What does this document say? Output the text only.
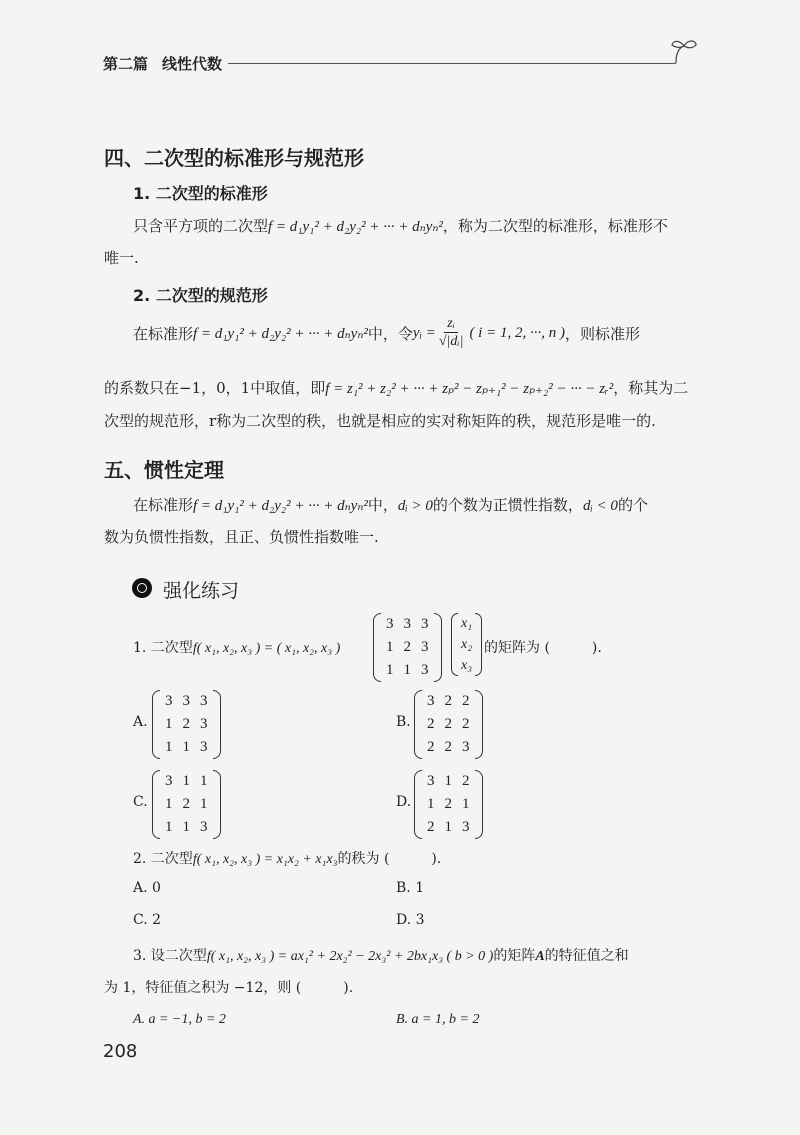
第二篇 线性代数
四、二次型的标准形与规范形
1. 二次型的标准形
只含平方项的二次型f = d₁y₁² + d₂y₂² + ··· + dₙyₙ²，称为二次型的标准形，标准形不
唯一.
2. 二次型的规范形
在标准形 f = d₁y₁² + d₂y₂² + ··· + dₙyₙ² 中，令 yᵢ = $\frac{\text{zᵢ}}{\text{√|dᵢ|}}$ ( i = 1, 2, ···, n ) ，则标准形
的系数只在−1，0，1中取值，即f = z₁² + z₂² + ··· + zₚ² − zₚ₊₁² − zₚ₊₂² − ··· − zᵣ²，称其为二
次型的规范形，r称为二次型的秩，也就是相应的实对称矩阵的秩，规范形是唯一的.
五、惯性定理
在标准形f = d₁y₁² + d₂y₂² + ··· + dₙyₙ²中，dᵢ > 0的个数为正惯性指数，dᵢ < 0的个
数为负惯性指数，且正、负惯性指数唯一.
强化练习
1. 二次型f( x₁, x₂, x₃ ) = ( x₁, x₂, x₃ )
3	3	3
1	2	3
1	1	3
x₁
x₂
x₃
的矩阵为 (　　　).
A.
3	3	3
1	2	3
1	1	3
B.
3	2	2
2	2	2
2	2	3
C.
3	1	1
1	2	1
1	1	3
D.
3	1	2
1	2	1
2	1	3
2. 二次型f( x₁, x₂, x₃ ) = x₁x₂ + x₁x₃的秩为 (　　　).
A. 0	B. 1
C. 2	D. 3
3. 设二次型f( x₁, x₂, x₃ ) = ax₁² + 2x₂² − 2x₃² + 2bx₁x₃ ( b > 0 )的矩阵A的特征值之和
为 1，特征值之积为 −12，则 (　　　).
A. a = −1, b = 2	B. a = 1, b = 2
208
